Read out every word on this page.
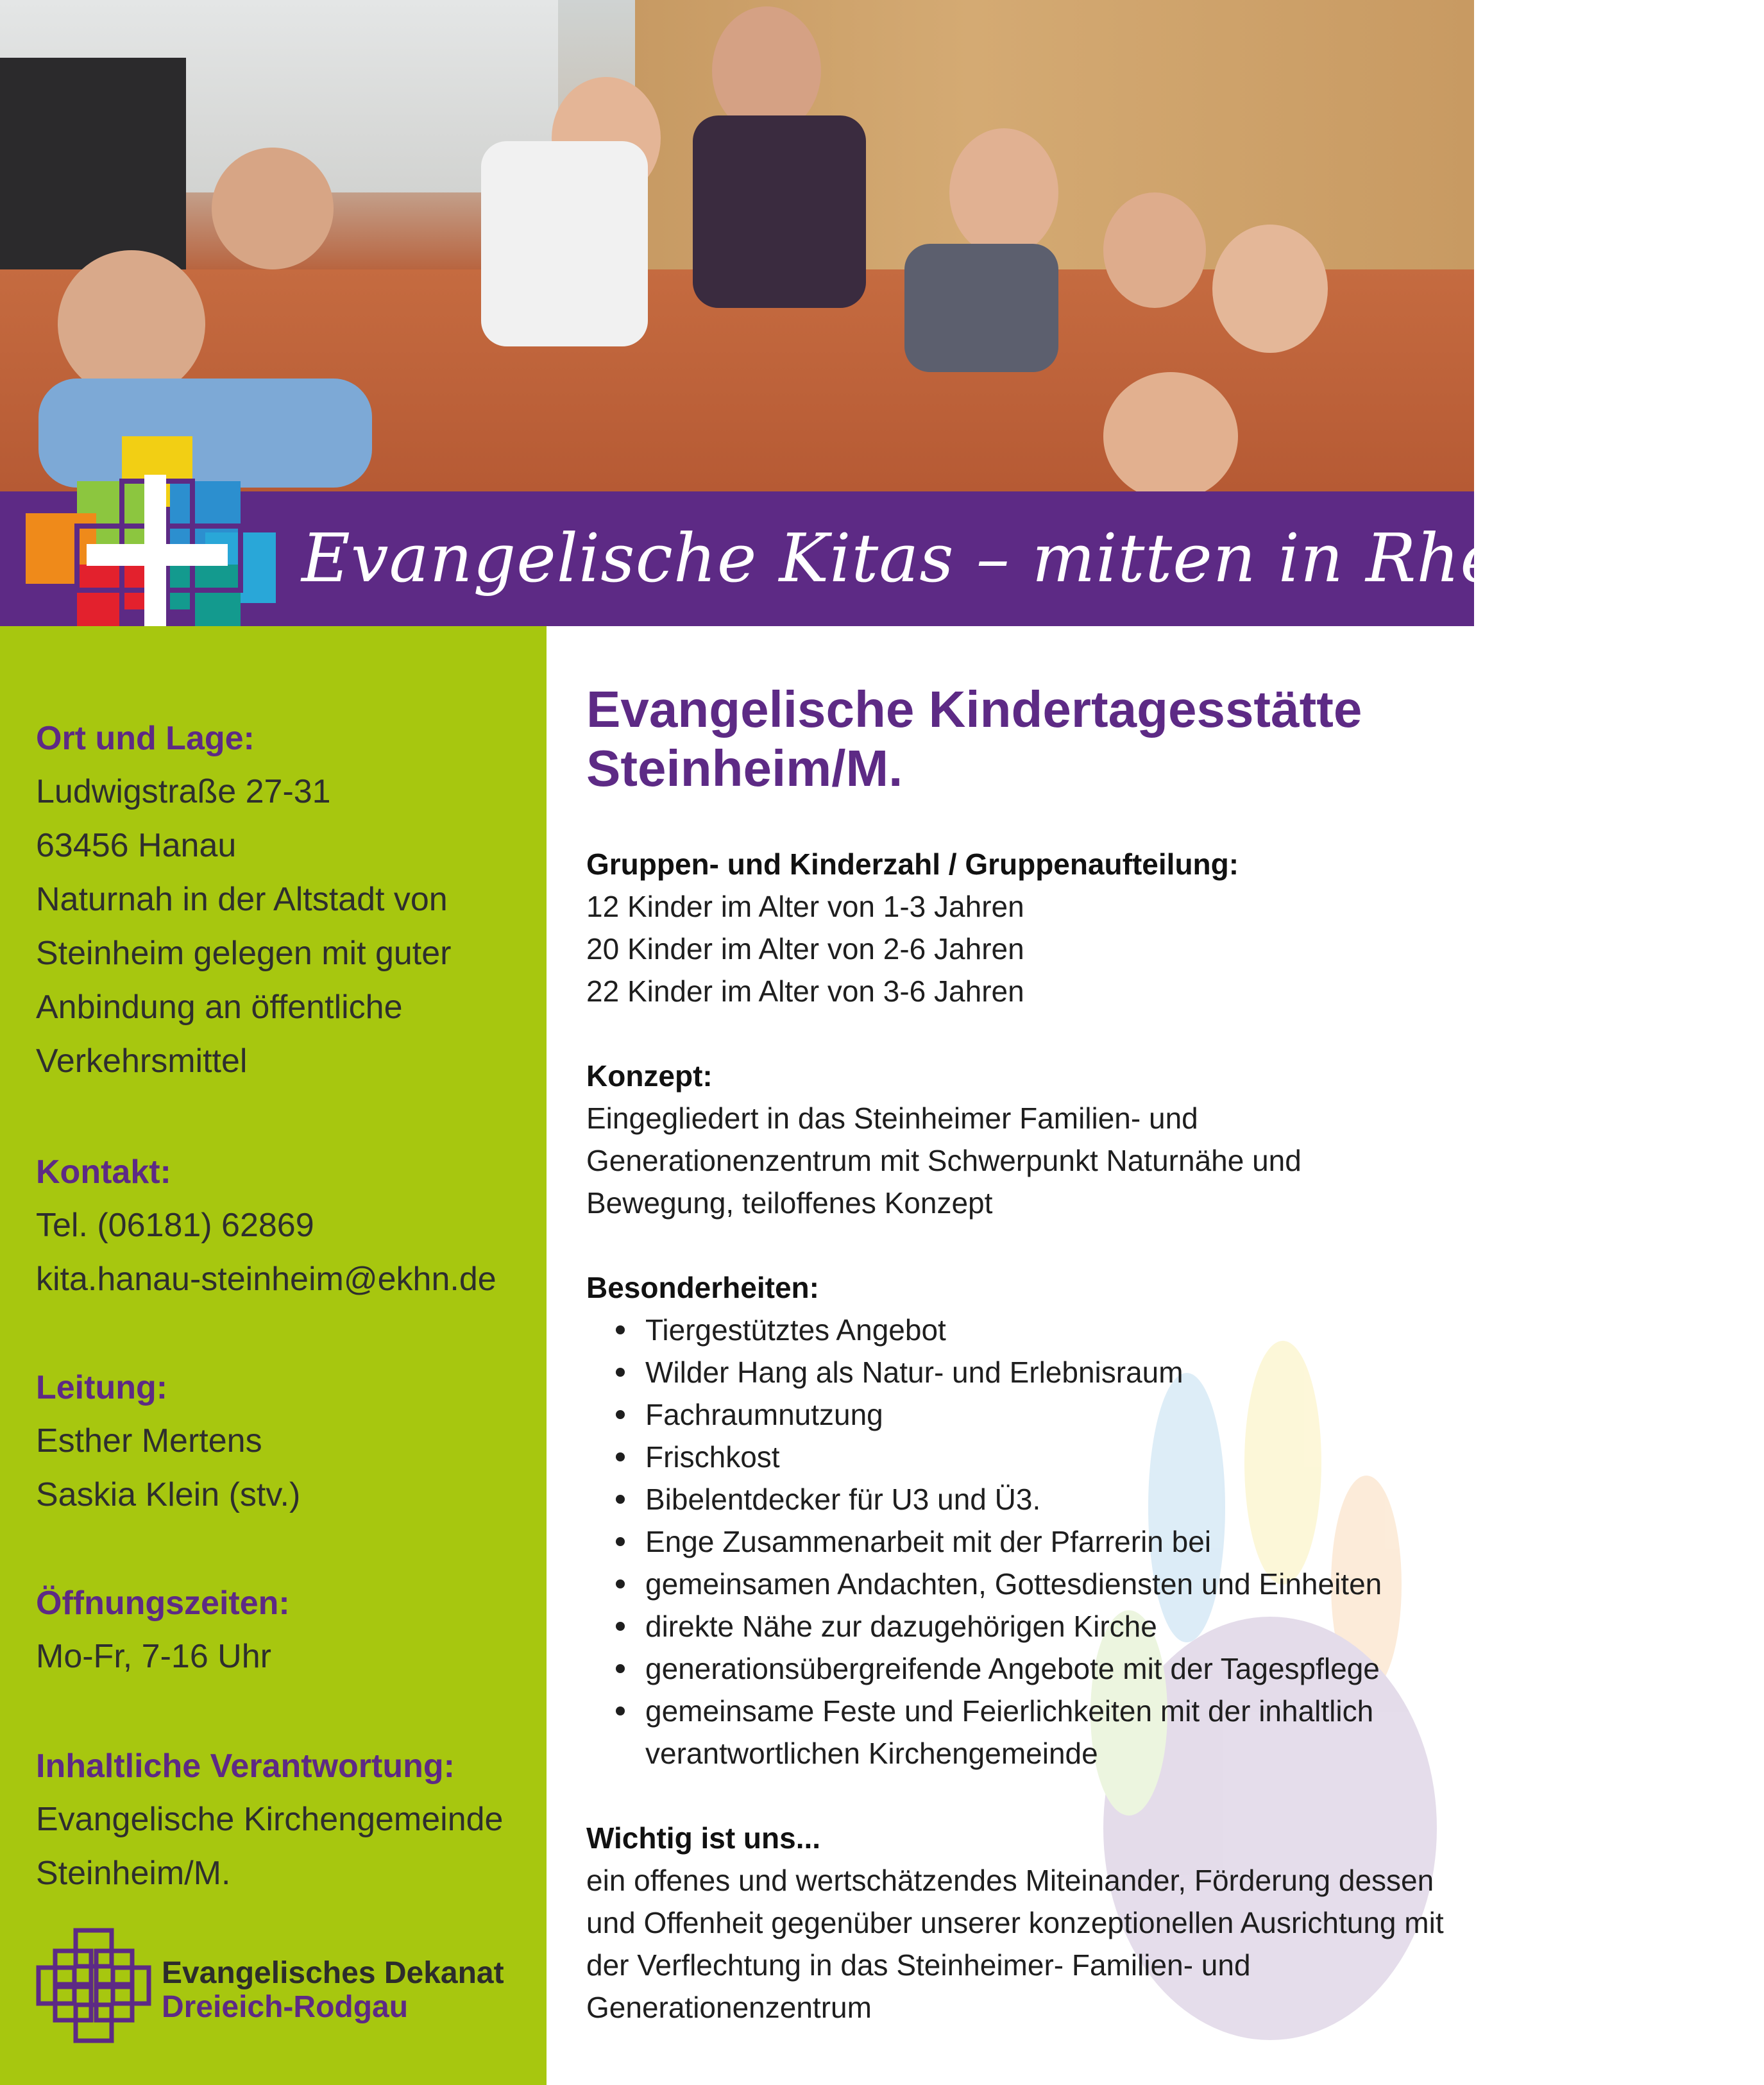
Evangelische Kitas – mitten in Rhein-Main

Ort und Lage:

Ludwigstraße 27-31
63456 Hanau
Naturnah in der Altstadt von
Steinheim gelegen mit guter
Anbindung an öffentliche
Verkehrsmittel

Kontakt:

Tel. (06181) 62869

kita.hanau-steinheim@ekhn.de

Leitung:

Esther Mertens
Saskia Klein (stv.)

Öffnungszeiten:

Mo-Fr, 7-16 Uhr

Inhaltliche Verantwortung:

Evangelische Kirchengemeinde
Steinheim/M.

Evangelisches Dekanat
Dreieich-Rodgau
Evangelische Kindertagesstätte Steinheim/M.

Gruppen- und Kinderzahl / Gruppenaufteilung:

12 Kinder im Alter von 1-3 Jahren
20 Kinder im Alter von 2-6 Jahren
22 Kinder im Alter von 3-6 Jahren

Konzept:

Eingegliedert in das Steinheimer Familien- und
Generationenzentrum mit Schwerpunkt Naturnähe und
Bewegung, teiloffenes Konzept

Besonderheiten:

Tiergestütztes Angebot
Wilder Hang als Natur- und Erlebnisraum
Fachraumnutzung
Frischkost
Bibelentdecker für U3 und Ü3.
Enge Zusammenarbeit mit der Pfarrerin bei
gemeinsamen Andachten, Gottesdiensten und Einheiten
direkte Nähe zur dazugehörigen Kirche
generationsübergreifende Angebote mit der Tagespflege
gemeinsame Feste und Feierlichkeiten mit der inhaltlich verantwortlichen Kirchengemeinde

Wichtig ist uns...

ein offenes und wertschätzendes Miteinander, Förderung dessen und Offenheit gegenüber unserer konzeptionellen Ausrichtung mit der Verflechtung in das Steinheimer- Familien- und Generationenzentrum
